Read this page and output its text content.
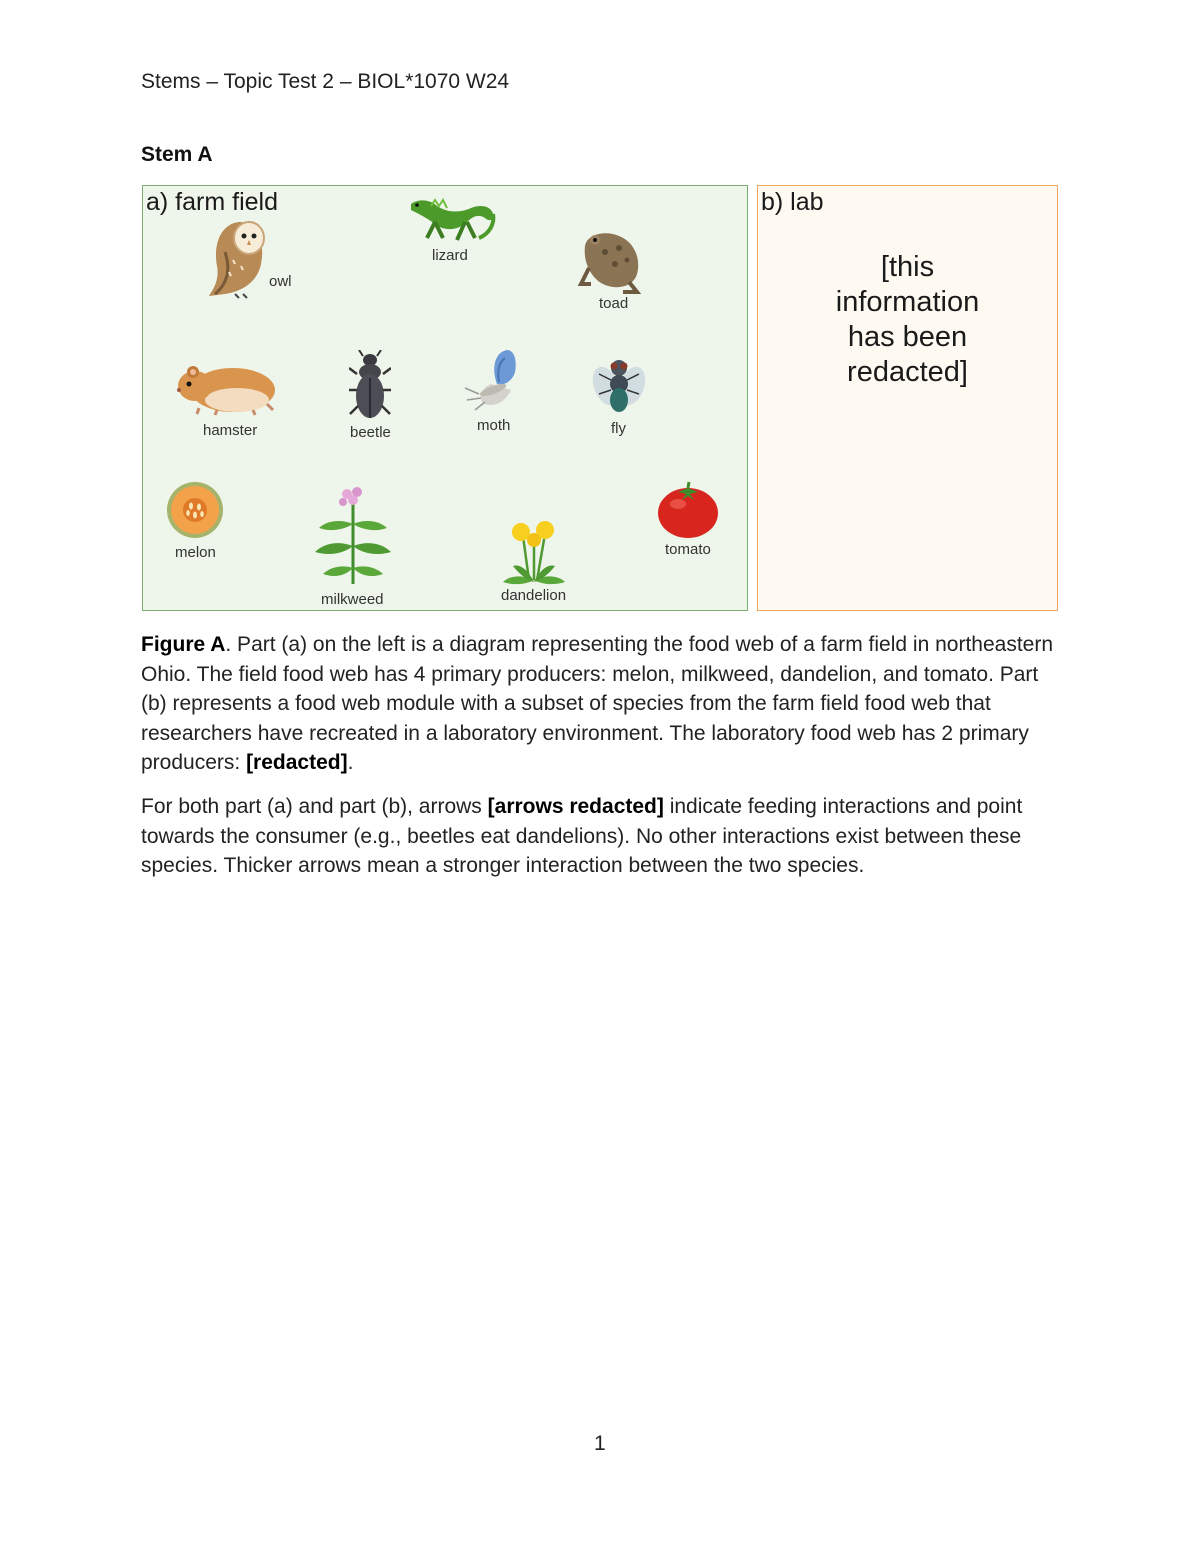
Stems – Topic Test 2 – BIOL*1070 W24
Stem A
a) farm field
owl
lizard
toad
hamster	beetle	moth	fly
melon
milkweed	dandelion
tomato
b) lab
[this
information
has been
redacted]
Figure A. Part (a) on the left is a diagram representing the food web of a farm field in northeastern Ohio. The field food web has 4 primary producers: melon, milkweed, dandelion, and tomato. Part (b) represents a food web module with a subset of species from the farm field food web that researchers have recreated in a laboratory environment. The laboratory food web has 2 primary producers: [redacted].
For both part (a) and part (b), arrows [arrows redacted] indicate feeding interactions and point towards the consumer (e.g., beetles eat dandelions). No other interactions exist between these species. Thicker arrows mean a stronger interaction between the two species.
1
